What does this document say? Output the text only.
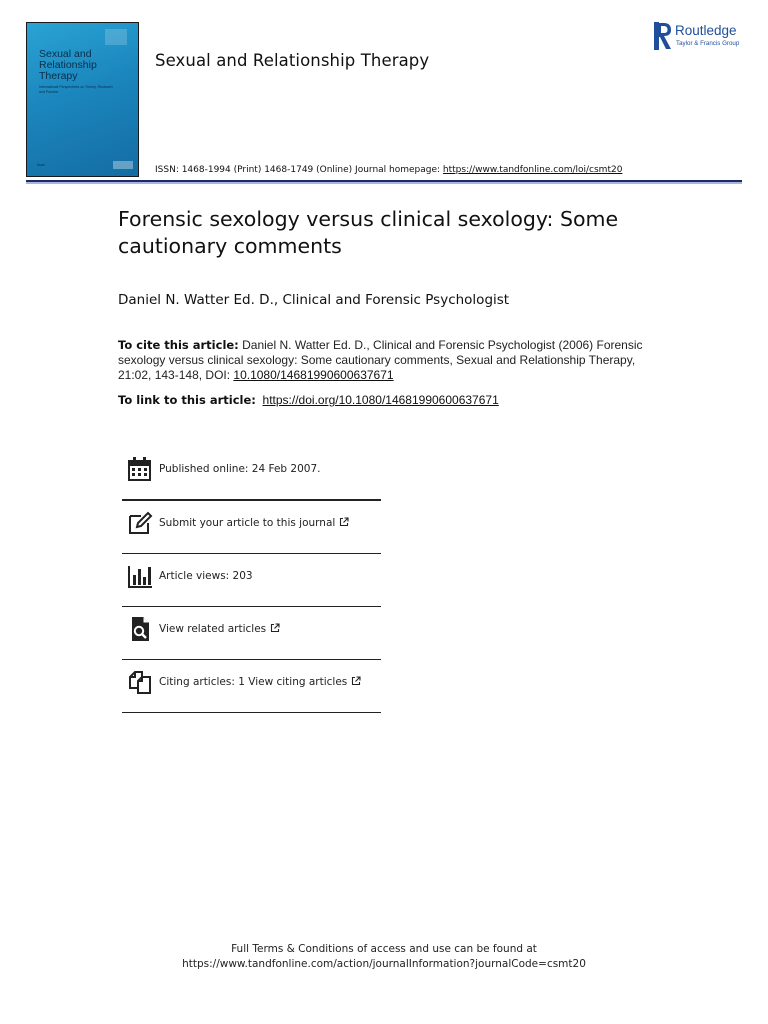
Sexual and
Relationship
Therapy
International Perspectives on Theory, Research and Practice
bsart
Sexual and Relationship Therapy
Routledge
Taylor & Francis Group
ISSN: 1468-1994 (Print) 1468-1749 (Online) Journal homepage: https://www.tandfonline.com/loi/csmt20
Forensic sexology versus clinical sexology: Some cautionary comments
Daniel N. Watter Ed. D., Clinical and Forensic Psychologist
To cite this article: Daniel N. Watter Ed. D., Clinical and Forensic Psychologist (2006) Forensic sexology versus clinical sexology: Some cautionary comments, Sexual and Relationship Therapy, 21:02, 143-148, DOI: 10.1080/14681990600637671
To link to this article: https://doi.org/10.1080/14681990600637671
Published online: 24 Feb 2007.
Submit your article to this journal
Article views: 203
View related articles
Citing articles: 1 View citing articles
Full Terms & Conditions of access and use can be found at
https://www.tandfonline.com/action/journalInformation?journalCode=csmt20
